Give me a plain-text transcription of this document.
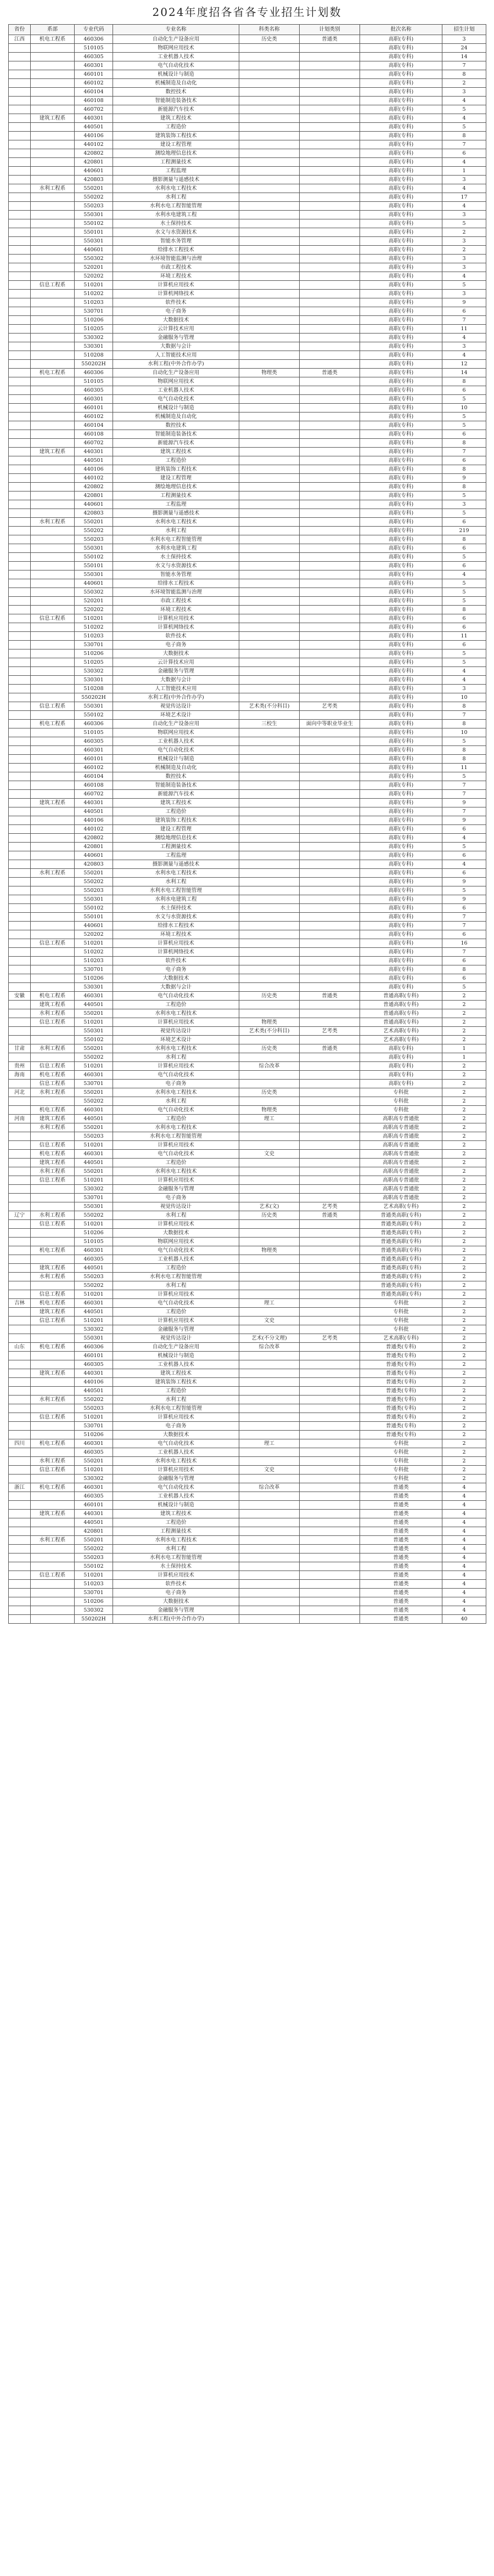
2024年度招各省各专业招生计划数
省份	系部	专业代码	专业名称	科类名称	计划类别	批次名称	招生计划
江西	机电工程系	460306	自动化生产设备应用	历史类	普通类	高职(专科)	3
		510105	物联网应用技术			高职(专科)	24
		460305	工业机器人技术			高职(专科)	14
		460301	电气自动化技术			高职(专科)	7
		460101	机械设计与制造			高职(专科)	8
		460102	机械制造及自动化			高职(专科)	2
		460104	数控技术			高职(专科)	3
		460108	智能制造装备技术			高职(专科)	4
		460702	新能源汽车技术			高职(专科)	5
	建筑工程系	440301	建筑工程技术			高职(专科)	4
		440501	工程造价			高职(专科)	5
		440106	建筑装饰工程技术			高职(专科)	8
		440102	建设工程管理			高职(专科)	7
		420802	测绘地理信息技术			高职(专科)	6
		420801	工程测量技术			高职(专科)	4
		440601	工程监理			高职(专科)	1
		420803	摄影测量与遥感技术			高职(专科)	3
	水利工程系	550201	水利水电工程技术			高职(专科)	4
		550202	水利工程			高职(专科)	17
		550203	水利水电工程智能管理			高职(专科)	4
		550301	水利水电建筑工程			高职(专科)	3
		550102	水土保持技术			高职(专科)	5
		550101	水文与水资源技术			高职(专科)	2
		550301	智能水务管理			高职(专科)	3
		440601	给排水工程技术			高职(专科)	2
		550302	水环境智能监测与治理			高职(专科)	3
		520201	市政工程技术			高职(专科)	3
		520202	环境工程技术			高职(专科)	4
	信息工程系	510201	计算机应用技术			高职(专科)	5
		510202	计算机网络技术			高职(专科)	3
		510203	软件技术			高职(专科)	9
		530701	电子商务			高职(专科)	6
		510206	大数据技术			高职(专科)	7
		510205	云计算技术应用			高职(专科)	11
		530302	金融服务与管理			高职(专科)	4
		530301	大数据与会计			高职(专科)	3
		510208	人工智能技术应用			高职(专科)	4
		550202H	水利工程(中外合作办学)			高职(专科)	12
	机电工程系	460306	自动化生产设备应用	物理类	普通类	高职(专科)	14
		510105	物联网应用技术			高职(专科)	8
		460305	工业机器人技术			高职(专科)	6
		460301	电气自动化技术			高职(专科)	5
		460101	机械设计与制造			高职(专科)	10
		460102	机械制造及自动化			高职(专科)	5
		460104	数控技术			高职(专科)	5
		460108	智能制造装备技术			高职(专科)	6
		460702	新能源汽车技术			高职(专科)	8
	建筑工程系	440301	建筑工程技术			高职(专科)	7
		440501	工程造价			高职(专科)	6
		440106	建筑装饰工程技术			高职(专科)	8
		440102	建设工程管理			高职(专科)	9
		420802	测绘地理信息技术			高职(专科)	8
		420801	工程测量技术			高职(专科)	5
		440601	工程监理			高职(专科)	3
		420803	摄影测量与遥感技术			高职(专科)	5
	水利工程系	550201	水利水电工程技术			高职(专科)	6
		550202	水利工程			高职(专科)	219
		550203	水利水电工程智能管理			高职(专科)	8
		550301	水利水电建筑工程			高职(专科)	6
		550102	水土保持技术			高职(专科)	5
		550101	水文与水资源技术			高职(专科)	6
		550301	智能水务管理			高职(专科)	4
		440601	给排水工程技术			高职(专科)	5
		550302	水环境智能监测与治理			高职(专科)	5
		520201	市政工程技术			高职(专科)	5
		520202	环境工程技术			高职(专科)	8
	信息工程系	510201	计算机应用技术			高职(专科)	6
		510202	计算机网络技术			高职(专科)	6
		510203	软件技术			高职(专科)	11
		530701	电子商务			高职(专科)	6
		510206	大数据技术			高职(专科)	5
		510205	云计算技术应用			高职(专科)	5
		530302	金融服务与管理			高职(专科)	4
		530301	大数据与会计			高职(专科)	4
		510208	人工智能技术应用			高职(专科)	3
		550202H	水利工程(中外合作办学)			高职(专科)	10
	信息工程系	550301	视觉传达设计	艺术类(不分科目)	艺考类	高职(专科)	8
		550102	环境艺术设计			高职(专科)	7
	机电工程系	460306	自动化生产设备应用	三校生	面向中等职业毕业生	高职(专科)	8
		510105	物联网应用技术			高职(专科)	10
		460305	工业机器人技术			高职(专科)	5
		460301	电气自动化技术			高职(专科)	8
		460101	机械设计与制造			高职(专科)	8
		460102	机械制造及自动化			高职(专科)	11
		460104	数控技术			高职(专科)	5
		460108	智能制造装备技术			高职(专科)	7
		460702	新能源汽车技术			高职(专科)	7
	建筑工程系	440301	建筑工程技术			高职(专科)	9
		440501	工程造价			高职(专科)	7
		440106	建筑装饰工程技术			高职(专科)	9
		440102	建设工程管理			高职(专科)	6
		420802	测绘地理信息技术			高职(专科)	4
		420801	工程测量技术			高职(专科)	5
		440601	工程监理			高职(专科)	6
		420803	摄影测量与遥感技术			高职(专科)	4
	水利工程系	550201	水利水电工程技术			高职(专科)	6
		550202	水利工程			高职(专科)	9
		550203	水利水电工程智能管理			高职(专科)	5
		550301	水利水电建筑工程			高职(专科)	9
		550102	水土保持技术			高职(专科)	6
		550101	水文与水资源技术			高职(专科)	7
		440601	给排水工程技术			高职(专科)	7
		520202	环境工程技术			高职(专科)	6
	信息工程系	510201	计算机应用技术			高职(专科)	16
		510202	计算机网络技术			高职(专科)	7
		510203	软件技术			高职(专科)	6
		530701	电子商务			高职(专科)	8
		510206	大数据技术			高职(专科)	6
		530301	大数据与会计			高职(专科)	5
安徽	机电工程系	460301	电气自动化技术	历史类	普通类	普通高职(专科)	2
	建筑工程系	440501	工程造价			普通高职(专科)	2
	水利工程系	550201	水利水电工程技术			普通高职(专科)	2
	信息工程系	510201	计算机应用技术	物理类		普通高职(专科)	2
		550301	视觉传达设计	艺术类(不分科目)	艺考类	艺术高职(专科)	2
		550102	环境艺术设计			艺术高职(专科)	2
甘肃	水利工程系	550201	水利水电工程技术	历史类	普通类	高职(专科)	1
		550202	水利工程			高职(专科)	1
贵州	信息工程系	510201	计算机应用技术	综合改革		高职(专科)	2
海南	机电工程系	460301	电气自动化技术			高职(专科)	2
	信息工程系	530701	电子商务			高职(专科)	2
河北	水利工程系	550201	水利水电工程技术	历史类		专科批	2
		550202	水利工程			专科批	2
	机电工程系	460301	电气自动化技术	物理类		专科批	2
河南	建筑工程系	440501	工程造价	理工		高职高专普通批	2
	水利工程系	550201	水利水电工程技术			高职高专普通批	2
		550203	水利水电工程智能管理			高职高专普通批	2
	信息工程系	510201	计算机应用技术			高职高专普通批	2
	机电工程系	460301	电气自动化技术	文史		高职高专普通批	2
	建筑工程系	440501	工程造价			高职高专普通批	2
	水利工程系	550201	水利水电工程技术			高职高专普通批	2
	信息工程系	510201	计算机应用技术			高职高专普通批	2
		530302	金融服务与管理			高职高专普通批	2
		530701	电子商务			高职高专普通批	2
		550301	视觉传达设计	艺术(文)	艺考类	艺术高职(专科)	2
辽宁	水利工程系	550202	水利工程	历史类	普通类	普通类高职(专科)	2
	信息工程系	510201	计算机应用技术			普通类高职(专科)	2
		510206	大数据技术			普通类高职(专科)	2
		510105	物联网应用技术			普通类高职(专科)	2
	机电工程系	460301	电气自动化技术	物理类		普通类高职(专科)	2
		460305	工业机器人技术			普通类高职(专科)	2
	建筑工程系	440501	工程造价			普通类高职(专科)	2
	水利工程系	550203	水利水电工程智能管理			普通类高职(专科)	2
		550202	水利工程			普通类高职(专科)	2
	信息工程系	510201	计算机应用技术			普通类高职(专科)	2
吉林	机电工程系	460301	电气自动化技术	理工		专科批	2
	建筑工程系	440501	工程造价			专科批	2
	信息工程系	510201	计算机应用技术	文史		专科批	2
		530302	金融服务与管理			专科批	2
		550301	视觉传达设计	艺术(不分文理)	艺考类	艺术高职(专科)	2
山东	机电工程系	460306	自动化生产设备应用	综合改革		普通类(专科)	2
		460101	机械设计与制造			普通类(专科)	2
		460305	工业机器人技术			普通类(专科)	2
	建筑工程系	440301	建筑工程技术			普通类(专科)	2
		440106	建筑装饰工程技术			普通类(专科)	2
		440501	工程造价			普通类(专科)	2
	水利工程系	550202	水利工程			普通类(专科)	2
		550203	水利水电工程智能管理			普通类(专科)	2
	信息工程系	510201	计算机应用技术			普通类(专科)	2
		530701	电子商务			普通类(专科)	2
		510206	大数据技术			普通类(专科)	2
四川	机电工程系	460301	电气自动化技术	理工		专科批	2
		460305	工业机器人技术			专科批	2
	水利工程系	550201	水利水电工程技术			专科批	2
	信息工程系	510201	计算机应用技术	文史		专科批	2
		530302	金融服务与管理			专科批	2
浙江	机电工程系	460301	电气自动化技术	综合改革		普通类	4
		460305	工业机器人技术			普通类	4
		460101	机械设计与制造			普通类	4
	建筑工程系	440301	建筑工程技术			普通类	4
		440501	工程造价			普通类	4
		420801	工程测量技术			普通类	4
	水利工程系	550201	水利水电工程技术			普通类	4
		550202	水利工程			普通类	4
		550203	水利水电工程智能管理			普通类	4
		550102	水土保持技术			普通类	4
	信息工程系	510201	计算机应用技术			普通类	4
		510203	软件技术			普通类	4
		530701	电子商务			普通类	4
		510206	大数据技术			普通类	4
		530302	金融服务与管理			普通类	4
		550202H	水利工程(中外合作办学)			普通类	40
